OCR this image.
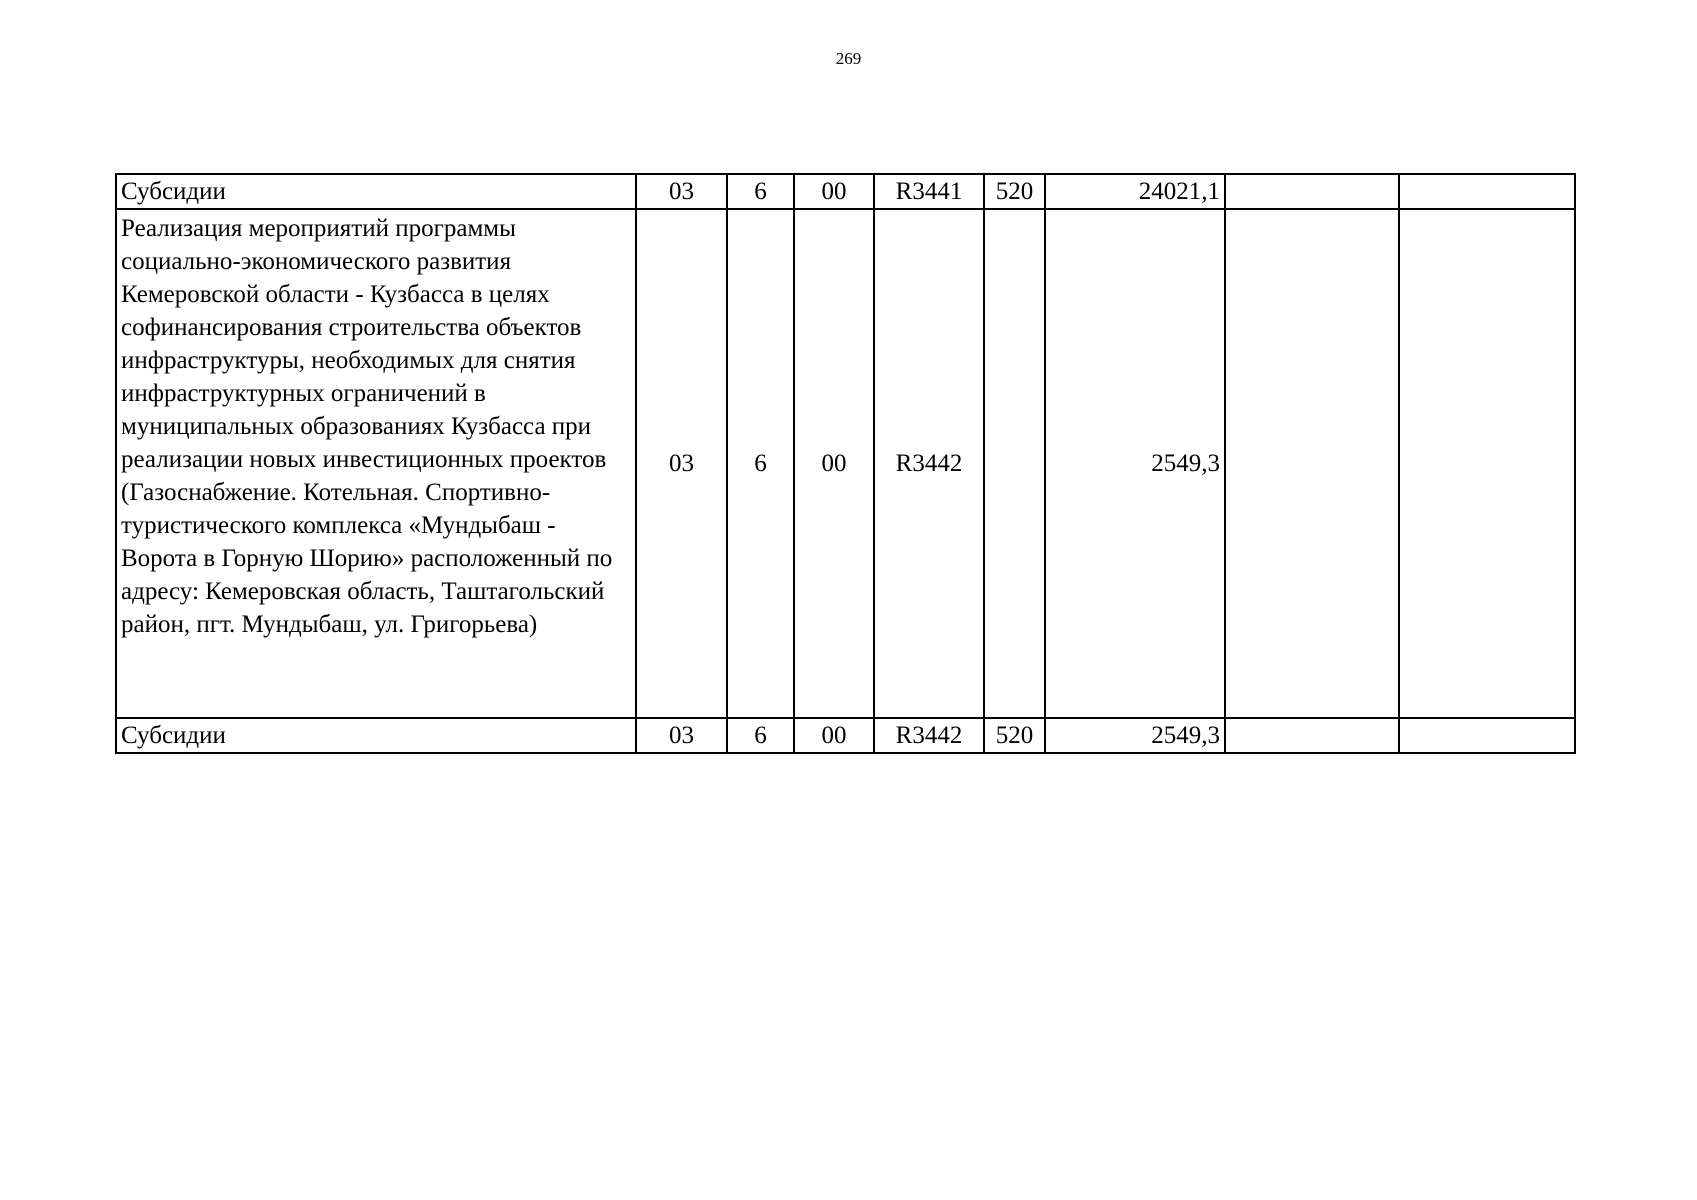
269
Субсидии	03	6	00	R3441	520	24021,1		
Реализация мероприятий программы социально-экономического развития Кемеровской области - Кузбасса в целях софинансирования строительства объектов инфраструктуры, необходимых для снятия инфраструктурных ограничений в муниципальных образованиях Кузбасса при реализации новых инвестиционных проектов (Газоснабжение. Котельная. Спортивно-туристического комплекса «Мундыбаш - Ворота в Горную Шорию» расположенный по адресу: Кемеровская область, Таштагольский район, пгт. Мундыбаш, ул. Григорьева)	03	6	00	R3442		2549,3		
Субсидии	03	6	00	R3442	520	2549,3		
